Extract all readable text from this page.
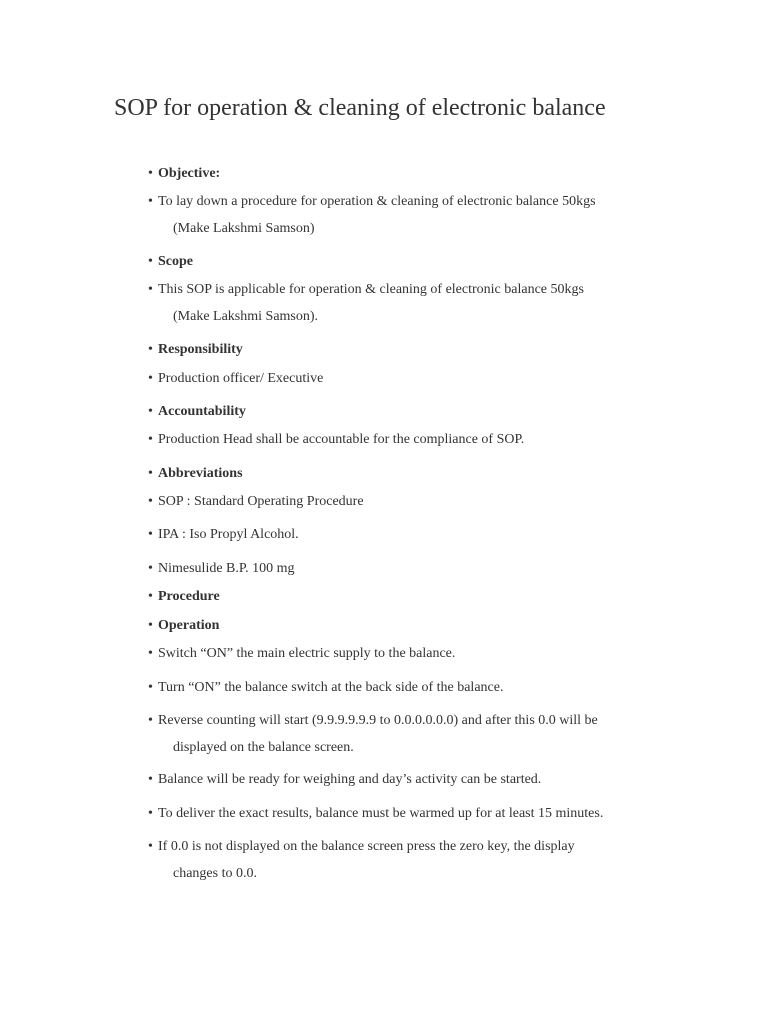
SOP for operation & cleaning of electronic balance
• Objective:
• To lay down a procedure for operation & cleaning of electronic balance 50kgs
(Make Lakshmi Samson)
• Scope
• This SOP is applicable for operation & cleaning of electronic balance 50kgs
(Make Lakshmi Samson).
• Responsibility
• Production officer/ Executive
• Accountability
• Production Head shall be accountable for the compliance of SOP.
• Abbreviations
• SOP : Standard Operating Procedure
• IPA : Iso Propyl Alcohol.
• Nimesulide B.P. 100 mg
• Procedure
• Operation
• Switch “ON” the main electric supply to the balance.
• Turn “ON” the balance switch at the back side of the balance.
• Reverse counting will start (9.9.9.9.9.9 to 0.0.0.0.0.0) and after this 0.0 will be
displayed on the balance screen.
• Balance will be ready for weighing and day’s activity can be started.
• To deliver the exact results, balance must be warmed up for at least 15 minutes.
• If 0.0 is not displayed on the balance screen press the zero key, the display
changes to 0.0.
